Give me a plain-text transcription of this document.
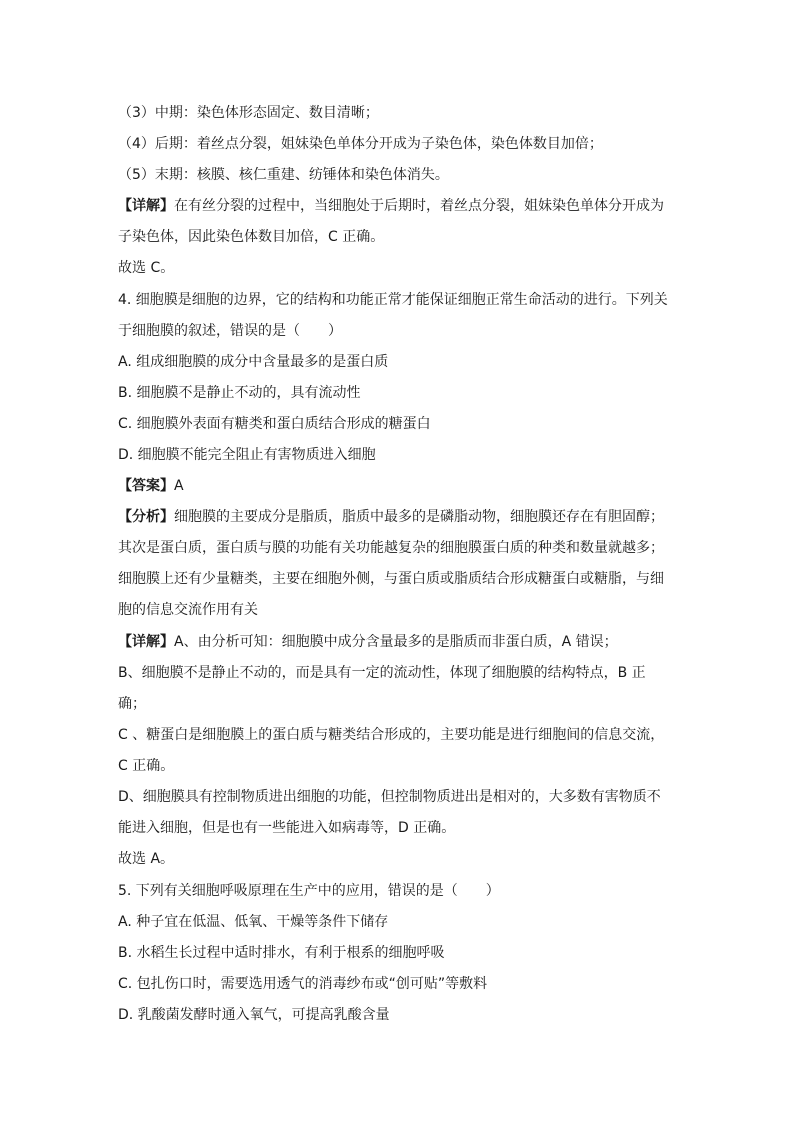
（3）中期：染色体形态固定、数目清晰；
（4）后期：着丝点分裂，姐妹染色单体分开成为子染色体，染色体数目加倍；
（5）末期：核膜、核仁重建、纺锤体和染色体消失。
【详解】在有丝分裂的过程中，当细胞处于后期时，着丝点分裂，姐妹染色单体分开成为
子染色体，因此染色体数目加倍，C 正确。
故选 C。
4. 细胞膜是细胞的边界，它的结构和功能正常才能保证细胞正常生命活动的进行。下列关
于细胞膜的叙述，错误的是（　　）
A. 组成细胞膜的成分中含量最多的是蛋白质
B. 细胞膜不是静止不动的，具有流动性
C. 细胞膜外表面有糖类和蛋白质结合形成的糖蛋白
D. 细胞膜不能完全阻止有害物质进入细胞
【答案】A
【分析】细胞膜的主要成分是脂质，脂质中最多的是磷脂动物，细胞膜还存在有胆固醇；
其次是蛋白质，蛋白质与膜的功能有关功能越复杂的细胞膜蛋白质的种类和数量就越多；
细胞膜上还有少量糖类，主要在细胞外侧，与蛋白质或脂质结合形成糖蛋白或糖脂，与细
胞的信息交流作用有关
【详解】A、由分析可知：细胞膜中成分含量最多的是脂质而非蛋白质，A 错误；
B、细胞膜不是静止不动的，而是具有一定的流动性，体现了细胞膜的结构特点，B 正
确；
C 、糖蛋白是细胞膜上的蛋白质与糖类结合形成的，主要功能是进行细胞间的信息交流，
C 正确。
D、细胞膜具有控制物质进出细胞的功能，但控制物质进出是相对的，大多数有害物质不
能进入细胞，但是也有一些能进入如病毒等，D 正确。
故选 A。
5. 下列有关细胞呼吸原理在生产中的应用，错误的是（　　）
A. 种子宜在低温、低氧、干燥等条件下储存
B. 水稻生长过程中适时排水，有利于根系的细胞呼吸
C. 包扎伤口时，需要选用透气的消毒纱布或“创可贴”等敷料
D. 乳酸菌发酵时通入氧气，可提高乳酸含量
